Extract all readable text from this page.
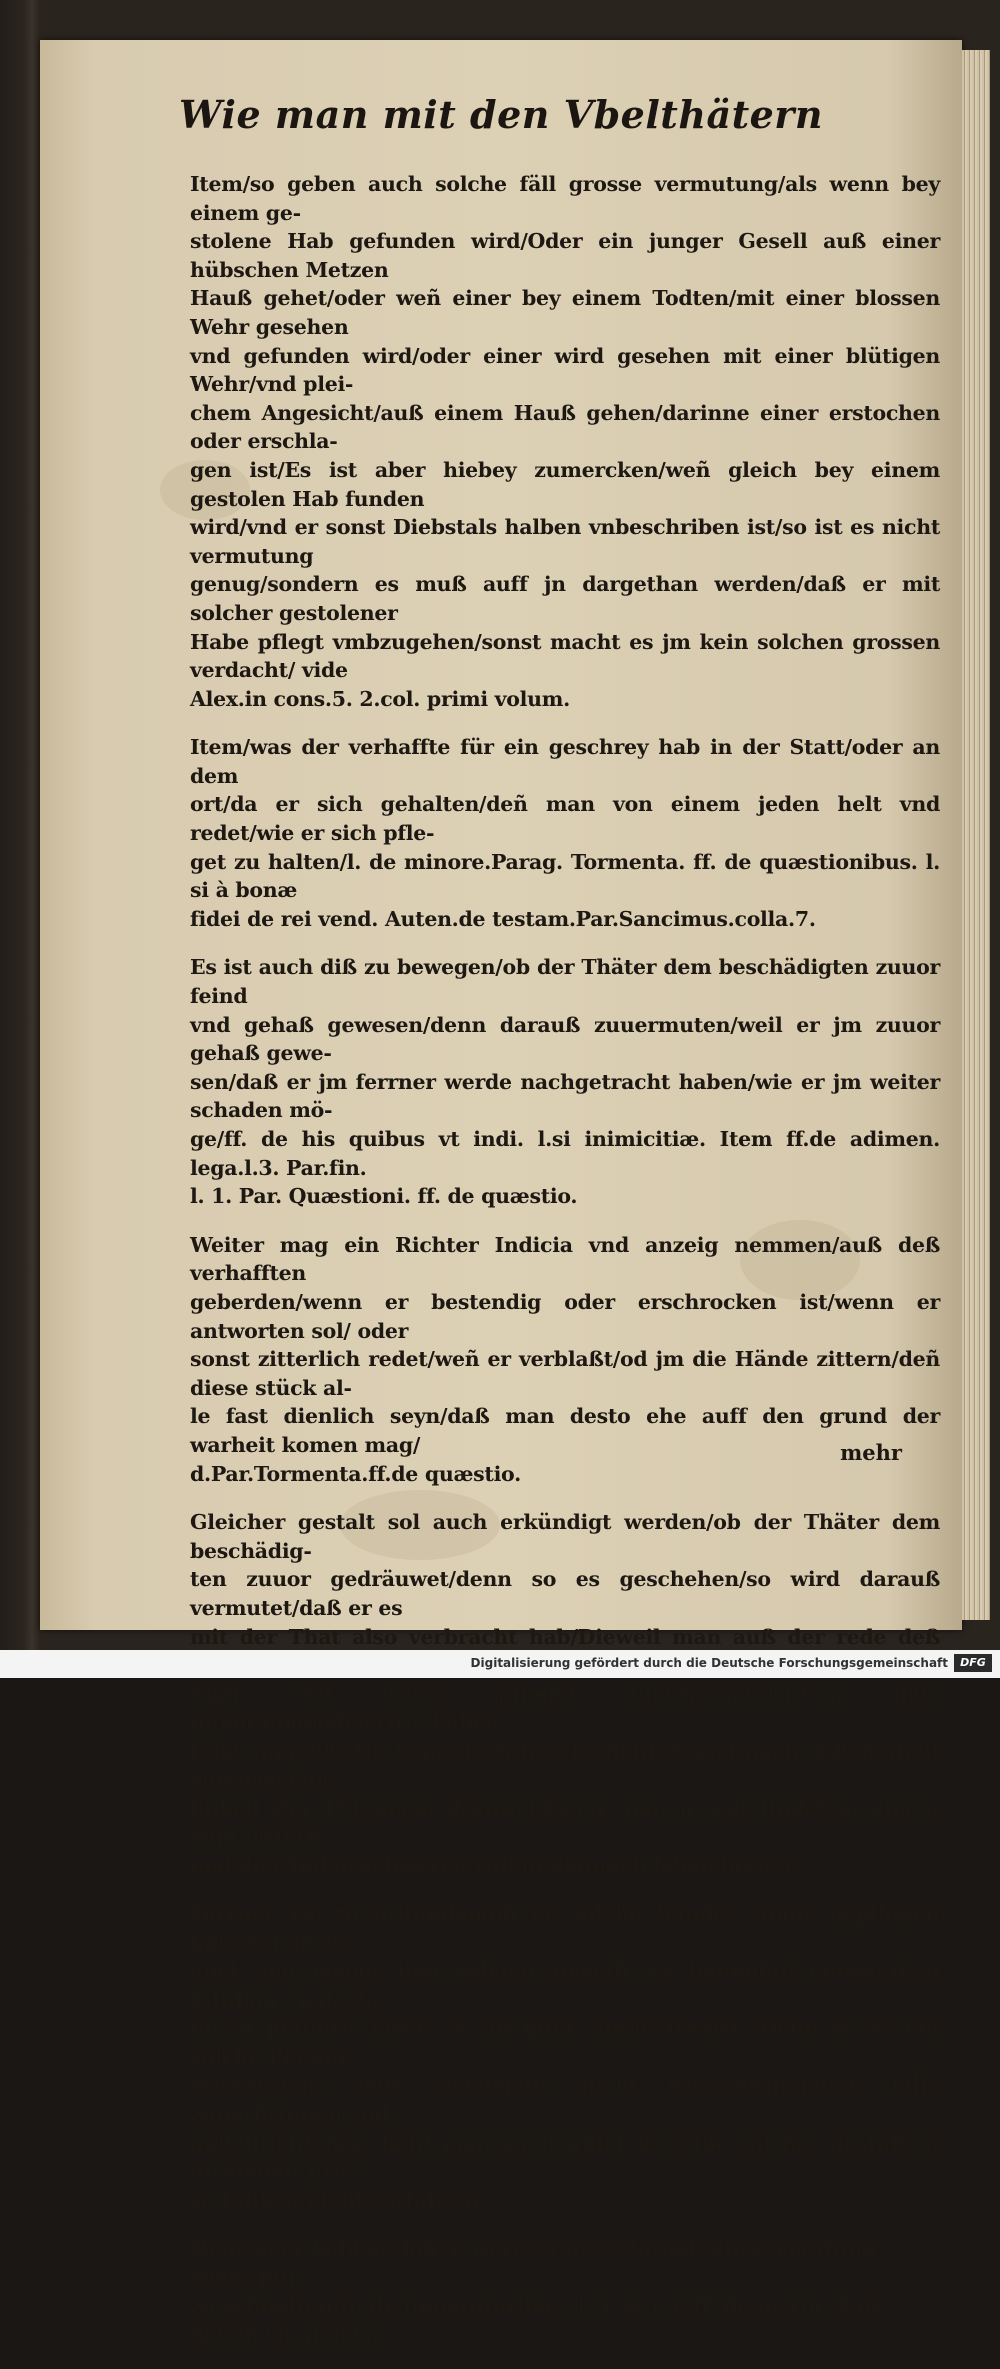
Wie man mit den Vbelthätern

Item/so geben auch solche fäll grosse vermutung/als wenn bey einem ge-
stolene Hab gefunden wird/Oder ein junger Gesell auß einer hübschen Metzen
Hauß gehet/oder weñ einer bey einem Todten/mit einer blossen Wehr gesehen
vnd gefunden wird/oder einer wird gesehen mit einer blütigen Wehr/vnd plei-
chem Angesicht/auß einem Hauß gehen/darinne einer erstochen oder erschla-
gen ist/Es ist aber hiebey zumercken/weñ gleich bey einem gestolen Hab funden
wird/vnd er sonst Diebstals halben vnbeschriben ist/so ist es nicht vermutung
genug/sondern es muß auff jn dargethan werden/daß er mit solcher gestolener
Habe pflegt vmbzugehen/sonst macht es jm kein solchen grossen verdacht/ vide
Alex.in cons.5. 2.col. primi volum.

Item/was der verhaffte für ein geschrey hab in der Statt/oder an dem
ort/da er sich gehalten/deñ man von einem jeden helt vnd redet/wie er sich pfle-
get zu halten/l. de minore.Parag. Tormenta. ff. de quæstionibus. l. si à bonæ
fidei de rei vend. Auten.de testam.Par.Sancimus.colla.7.

Es ist auch diß zu bewegen/ob der Thäter dem beschädigten zuuor feind
vnd gehaß gewesen/denn darauß zuuermuten/weil er jm zuuor gehaß gewe-
sen/daß er jm ferrner werde nachgetracht haben/wie er jm weiter schaden mö-
ge/ff. de his quibus vt indi. l.si inimicitiæ. Item ff.de adimen. lega.l.3. Par.fin.
l. 1. Par. Quæstioni. ff. de quæstio.

Weiter mag ein Richter Indicia vnd anzeig nemmen/auß deß verhafften
geberden/wenn er bestendig oder erschrocken ist/wenn er antworten sol/ oder
sonst zitterlich redet/weñ er verblaßt/od jm die Hände zittern/deñ diese stück al-
le fast dienlich seyn/daß man desto ehe auff den grund der warheit komen mag/
d.Par.Tormenta.ff.de quæstio.

Gleicher gestalt sol auch erkündigt werden/ob der Thäter dem beschädig-
ten zuuor gedräuwet/denn so es geschehen/so wird darauß vermutet/daß er es
mit der That also verbracht hab/Dieweil man auß der rede deß
That vnd werck pfleget zuermessen/l.1.C.si quis impera.maledixerit,L.Labeo.
ff.de suppellectili lega. doch bescheidenlich/vnd nach gelegenheit vnd geschick-
ligkeit der Person/so dräuwet/Denn man jr wol findet/so einem zum offtern-
mal den Tod geschworen/vnd jn dennoch leben lassen.

Ferrner ist zu erkunden/ob er solche händel zuuor gepflogen hab/vnd ob er
auch die macht hab solcher gestalt zu handeln/L.famosi.ff.ad L.Julian. maiesta.
ibi,an potuerit facere & an quid simile fecerit, Denn so es ein solche Person
were/welche deß vermögens nicht were/dergleichen fälle zuuerbringen vnd
außzurichten/so könt man auch wider dieselbe solcher gestalt/vñ on sonder gros-
se Indicia nicht verfahren.

Item/so er bald geflohen were/so were darauß ein vermutung wider jhn
zu schöpffen/ff. de fœneratoribus, l. 1. & l.3. ff. de testib. Auß denen vñ andern

mehr
Digitalisierung gefördert durch die Deutsche Forschungsgemeinschaft	DFG
